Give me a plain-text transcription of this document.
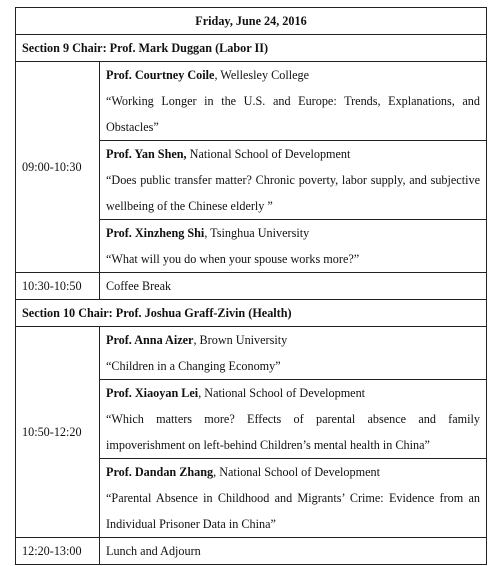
Friday, June 24, 2016	
Section 9 Chair: Prof. Mark Duggan (Labor II)	
09:00-10:30	Prof. Courtney Coile, Wellesley College

“Working Longer in the U.S. and Europe: Trends, Explanations, and Obstacles”

	Prof. Yan Shen, National School of Development

“Does public transfer matter? Chronic poverty, labor supply, and subjective wellbeing of the Chinese elderly ”

	Prof. Xinzheng Shi, Tsinghua University

“What will you do when your spouse works more?”

10:30-10:50	Coffee Break
Section 10 Chair: Prof. Joshua Graff-Zivin (Health)	
10:50-12:20	Prof. Anna Aizer, Brown University

“Children in a Changing Economy”

	Prof. Xiaoyan Lei, National School of Development

“Which matters more? Effects of parental absence and family impoverishment on left-behind Children’s mental health in China”

	Prof. Dandan Zhang, National School of Development

“Parental Absence in Childhood and Migrants’ Crime: Evidence from an Individual Prisoner Data in China”

12:20-13:00	Lunch and Adjourn
